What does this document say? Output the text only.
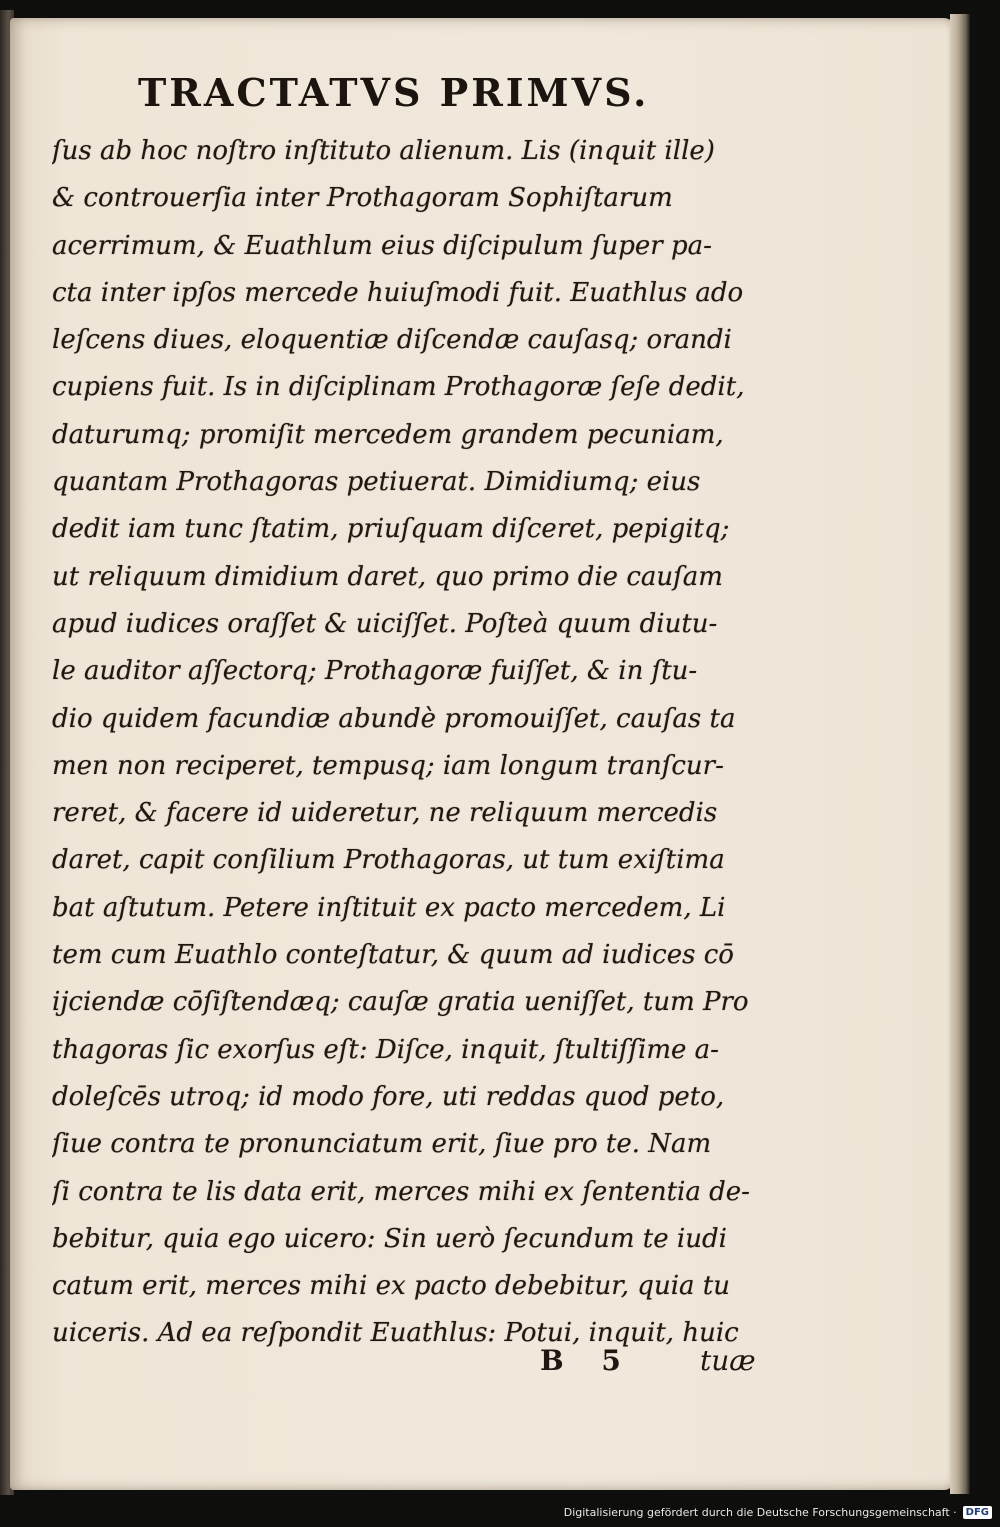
TRACTATVS PRIMVS.
ſus ab hoc noſtro inſtituto alienum. Lis (inquit ille)
& controuerſia inter Prothagoram Sophiſtarum
acerrimum, & Euathlum eius diſcipulum ſuper pa-
cta inter ipſos mercede huiuſmodi fuit. Euathlus ado
leſcens diues, eloquentiæ diſcendæ cauſasq; orandi
cupiens fuit. Is in diſciplinam Prothagoræ ſeſe dedit,
daturumq; promiſit mercedem grandem pecuniam,
quantam Prothagoras petiuerat. Dimidiumq; eius
dedit iam tunc ſtatim, priuſquam diſceret, pepigitq;
ut reliquum dimidium daret, quo primo die cauſam
apud iudices oraſſet & uiciſſet. Poſteà quum diutu-
le auditor aſſectorq; Prothagoræ fuiſſet, & in ſtu-
dio quidem facundiæ abundè promouiſſet, cauſas ta
men non reciperet, tempusq; iam longum tranſcur-
reret, & facere id uideretur, ne reliquum mercedis
daret, capit conſilium Prothagoras, ut tum exiſtima
bat aſtutum. Petere inſtituit ex pacto mercedem, Li
tem cum Euathlo conteſtatur, & quum ad iudices cō
ijciendæ cōſiſtendæq; cauſæ gratia ueniſſet, tum Pro
thagoras ſic exorſus eſt: Diſce, inquit, ſtultiſſime a-
doleſcēs utroq; id modo fore, uti reddas quod peto,
ſiue contra te pronunciatum erit, ſiue pro te. Nam
ſi contra te lis data erit, merces mihi ex ſententia de-
bebitur, quia ego uicero: Sin uerò ſecundum te iudi
catum erit, merces mihi ex pacto debebitur, quia tu
uiceris. Ad ea reſpondit Euathlus: Potui, inquit, huic
B 5 tuæ
Digitalisierung gefördert durch die Deutsche Forschungsgemeinschaft · DFG
